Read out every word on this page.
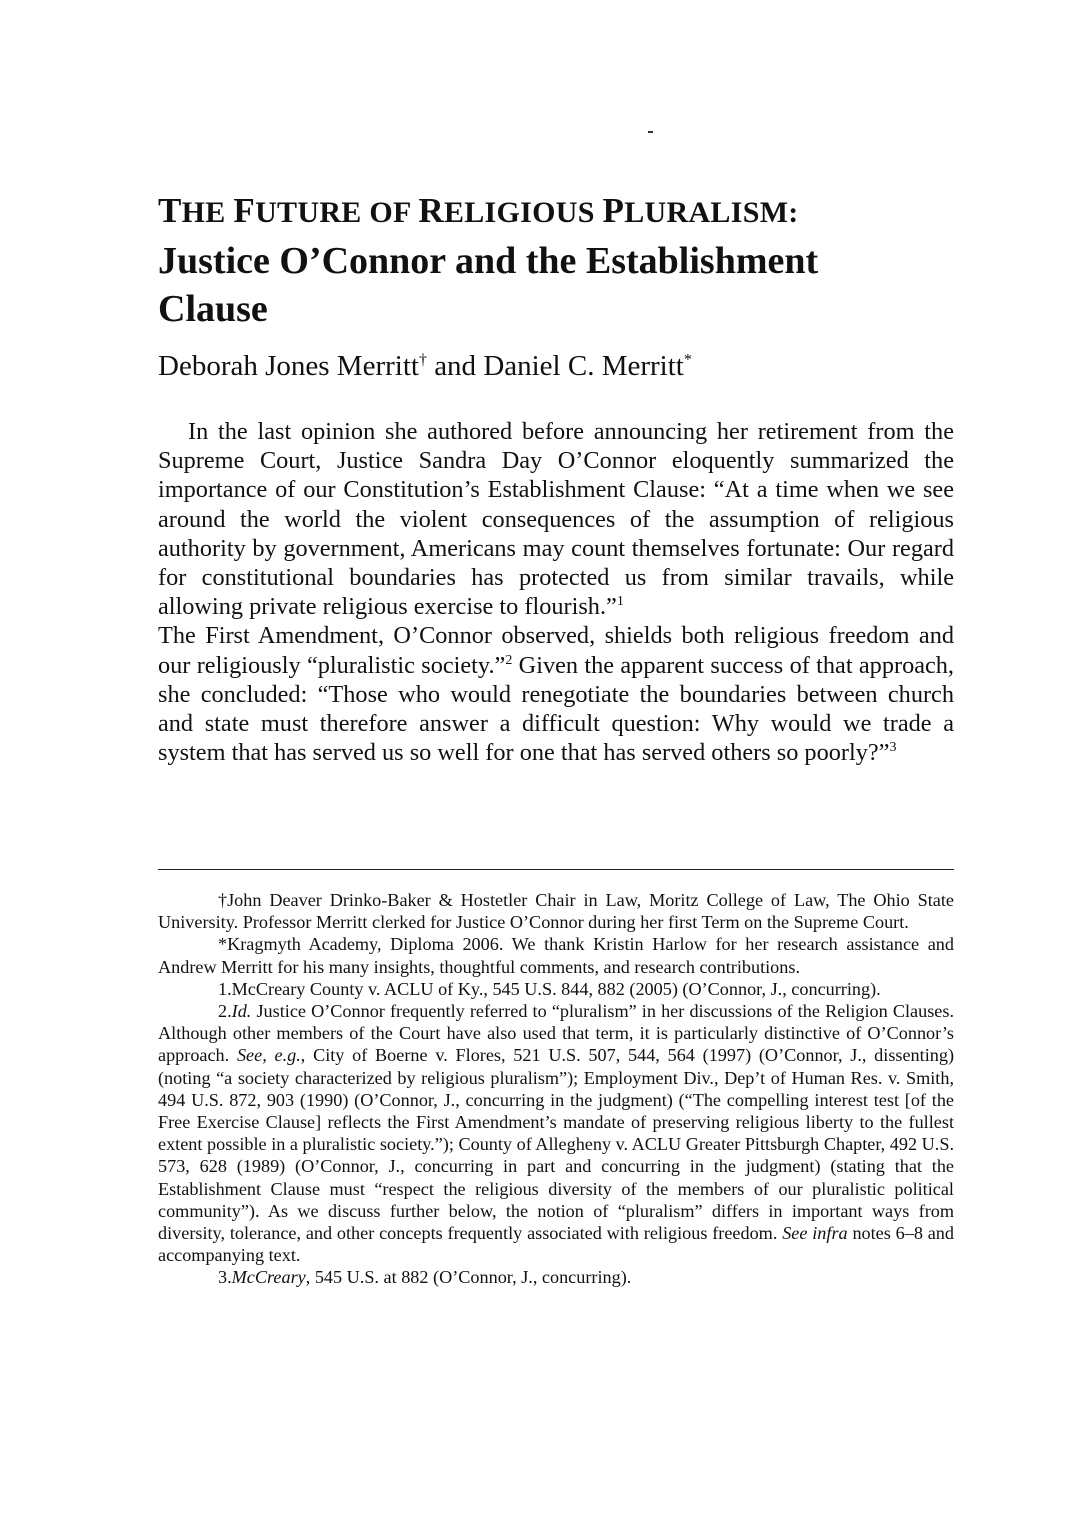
THE FUTURE OF RELIGIOUS PLURALISM:

Justice O’Connor and the Establishment

Clause

Deborah Jones Merritt† and Daniel C. Merritt*

In the last opinion she authored before announcing her retirement from the Supreme Court, Justice Sandra Day O’Connor eloquently summarized the importance of our Constitution’s Establishment Clause: “At a time when we see around the world the violent consequences of the assumption of religious authority by government, Americans may count themselves fortunate: Our regard for constitutional boundaries has protected us from similar travails, while allowing private religious exercise to flourish.”$^1$

The First Amendment, O’Connor observed, shields both religious freedom and our religiously “pluralistic society.”$^2$ Given the apparent success of that approach, she concluded: “Those who would renegotiate the boundaries between church and state must therefore answer a difficult question: Why would we trade a system that has served us so well for one that has served others so poorly?”$^3$

†John Deaver Drinko-Baker & Hostetler Chair in Law, Moritz College of Law, The Ohio State University. Professor Merritt clerked for Justice O’Connor during her first Term on the Supreme Court.

*Kragmyth Academy, Diploma 2006. We thank Kristin Harlow for her research assistance and Andrew Merritt for his many insights, thoughtful comments, and research contributions.

1.McCreary County v. ACLU of Ky., 545 U.S. 844, 882 (2005) (O’Connor, J., concurring).

2.Id. Justice O’Connor frequently referred to “pluralism” in her discussions of the Religion Clauses. Although other members of the Court have also used that term, it is particularly distinctive of O’Connor’s approach. See, e.g., City of Boerne v. Flores, 521 U.S. 507, 544, 564 (1997) (O’Connor, J., dissenting) (noting “a society characterized by religious pluralism”); Employment Div., Dep’t of Human Res. v. Smith, 494 U.S. 872, 903 (1990) (O’Connor, J., concurring in the judgment) (“The compelling interest test [of the Free Exercise Clause] reflects the First Amendment’s mandate of preserving religious liberty to the fullest extent possible in a pluralistic society.”); County of Allegheny v. ACLU Greater Pittsburgh Chapter, 492 U.S. 573, 628 (1989) (O’Connor, J., concurring in part and concurring in the judgment) (stating that the Establishment Clause must “respect the religious diversity of the members of our pluralistic political community”). As we discuss further below, the notion of “pluralism” differs in important ways from diversity, tolerance, and other concepts frequently associated with religious freedom. See infra notes 6–8 and accompanying text.

3.McCreary, 545 U.S. at 882 (O’Connor, J., concurring).
